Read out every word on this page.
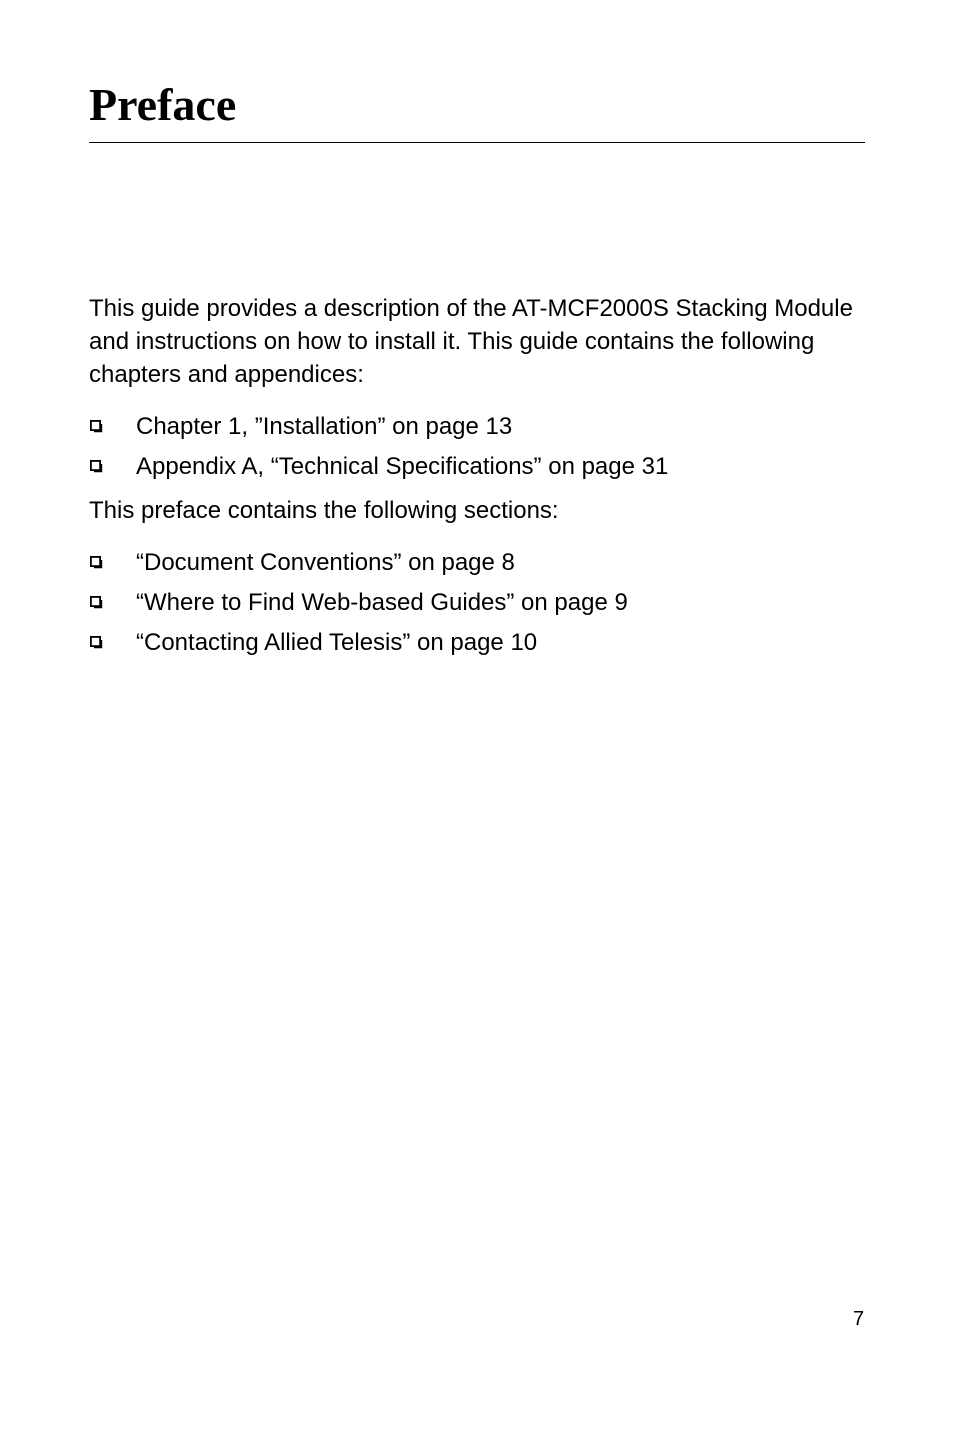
Preface

This guide provides a description of the AT-MCF2000S Stacking Module and instructions on how to install it. This guide contains the following chapters and appendices:

Chapter 1, ”Installation” on page 13
Appendix A, “Technical Specifications” on page 31

This preface contains the following sections:

“Document Conventions” on page 8
“Where to Find Web-based Guides” on page 9
“Contacting Allied Telesis” on page 10
7
